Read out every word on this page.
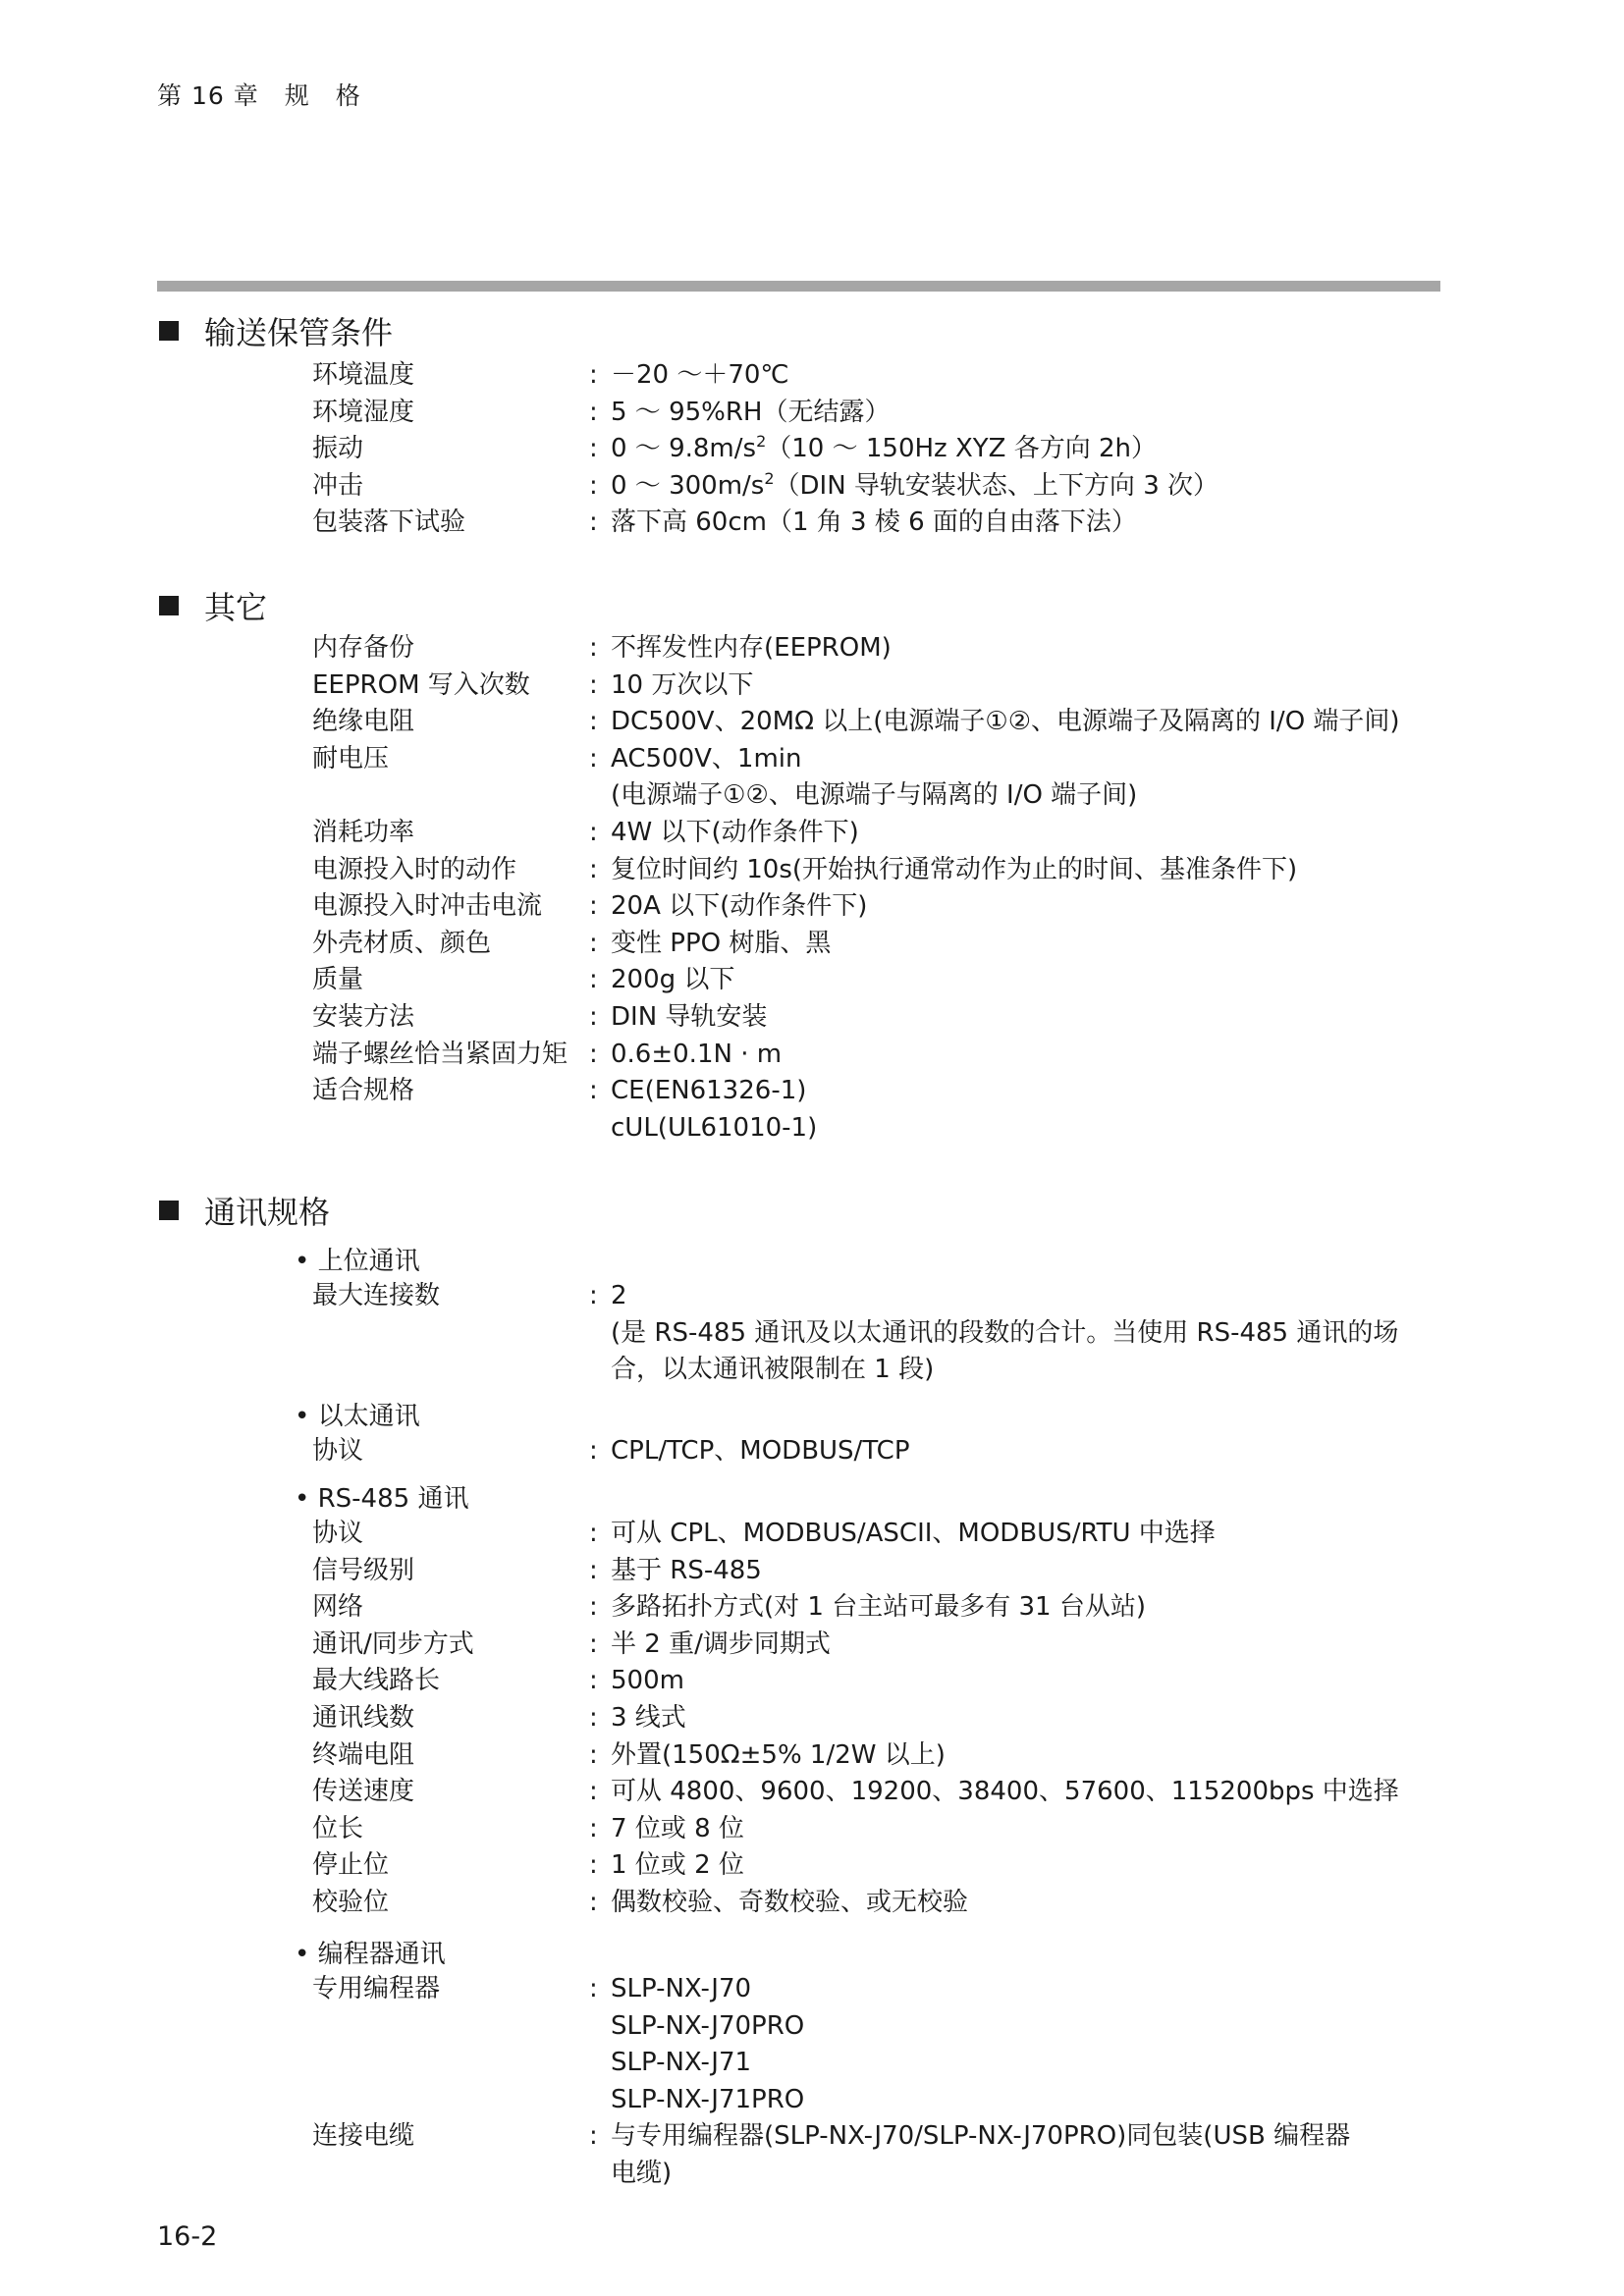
第 16 章　规　格
输送保管条件
环境温度	: －20 ～＋70℃
环境湿度	: 5 ～ 95%RH（无结露）
振动	: 0 ～ $9.8m/s^2(10$ ～ 150Hz XYZ 各方向 2h）
冲击	: 0 ～ $300m/s^2(DIN$ 导轨安装状态、上下方向 3 次）
包装落下试验	: 落下高 60cm（1 角 3 棱 6 面的自由落下法）
其它
内存备份	: 不挥发性内存(EEPROM)
EEPROM 写入次数 : 10 万次以下
绝缘电阻	: DC500V、20MΩ 以上(电源端子①②、电源端子及隔离的 I/O 端子间)
耐电压	: AC500V、1min
(电源端子①②、电源端子与隔离的 I/O 端子间)
消耗功率	: 4W 以下(动作条件下)
电源投入时的动作	: 复位时间约 10s(开始执行通常动作为止的时间、基准条件下)
电源投入时冲击电流 : 20A 以下(动作条件下)
外壳材质、颜色	: 变性 PPO 树脂、黑
质量	: 200g 以下
安装方法	: DIN 导轨安装
端子螺丝恰当紧固力矩 : 0.6±0.1N · m
适合规格	: CE(EN61326-1)
cUL(UL61010-1)
通讯规格
• 上位通讯
最大连接数	: 2
(是 RS-485 通讯及以太通讯的段数的合计。当使用 RS-485 通讯的场
合，以太通讯被限制在 1 段)
• 以太通讯
协议	: CPL/TCP、MODBUS/TCP
• RS-485 通讯
协议	: 可从 CPL、MODBUS/ASCII、MODBUS/RTU 中选择
信号级别	: 基于 RS-485
网络	: 多路拓扑方式(对 1 台主站可最多有 31 台从站)
通讯/同步方式	: 半 2 重/调步同期式
最大线路长	: 500m
通讯线数	: 3 线式
终端电阻	: 外置(150Ω±5% 1/2W 以上)
传送速度	: 可从 4800、9600、19200、38400、57600、115200bps 中选择
位长	: 7 位或 8 位
停止位	: 1 位或 2 位
校验位	: 偶数校验、奇数校验、或无校验
• 编程器通讯
专用编程器	: SLP-NX-J70
SLP-NX-J70PRO
SLP-NX-J71
SLP-NX-J71PRO
连接电缆	: 与专用编程器(SLP-NX-J70/SLP-NX-J70PRO)同包装(USB 编程器
电缆)
16-2
